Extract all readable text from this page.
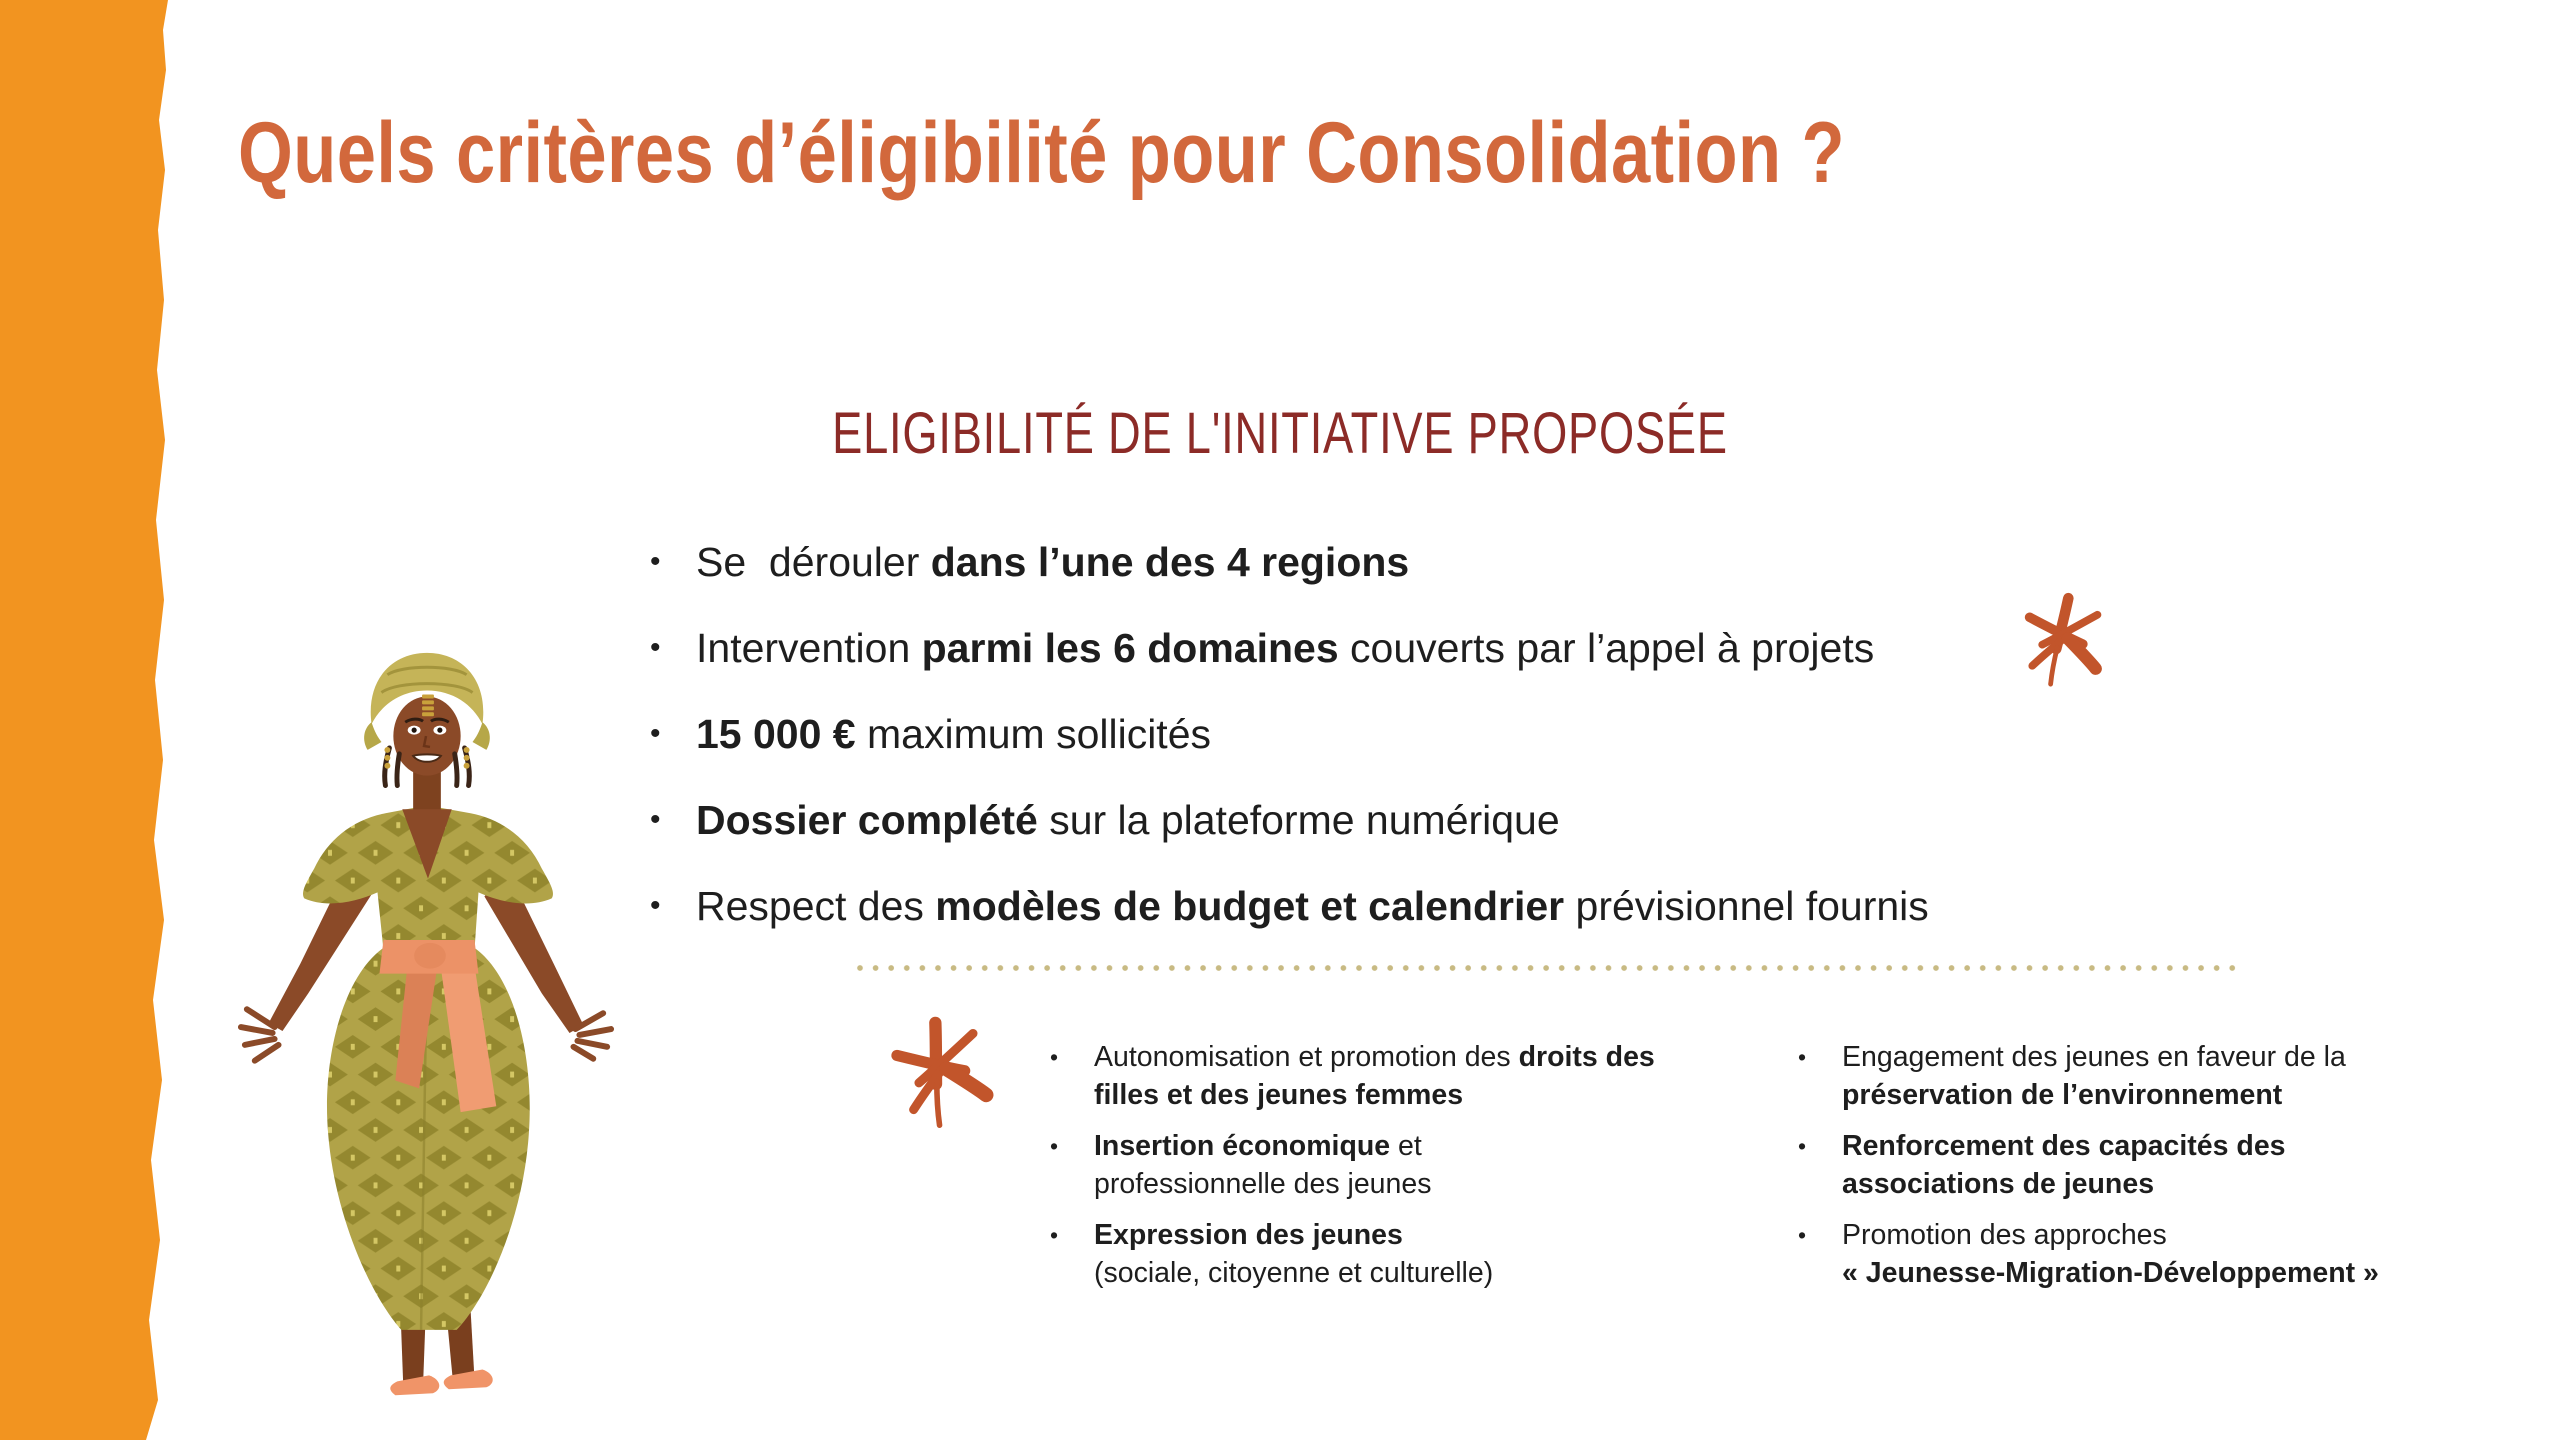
Quels critères d’éligibilité pour Consolidation ?
ELIGIBILITÉ DE L'INITIATIVE PROPOSÉE
• Se  dérouler dans l’une des 4 regions
• Intervention parmi les 6 domaines couverts par l’appel à projets
• 15 000 € maximum sollicités
• Dossier complété sur la plateforme numérique
• Respect des modèles de budget et calendrier prévisionnel fournis
•	Autonomisation et promotion des droits des
filles et des jeunes femmes
•	Insertion économique et
professionnelle des jeunes
•	Expression des jeunes
(sociale, citoyenne et culturelle)
•	Engagement des jeunes en faveur de la
préservation de l’environnement
•	Renforcement des capacités des
associations de jeunes
•	Promotion des approches
« Jeunesse-Migration-Développement »
